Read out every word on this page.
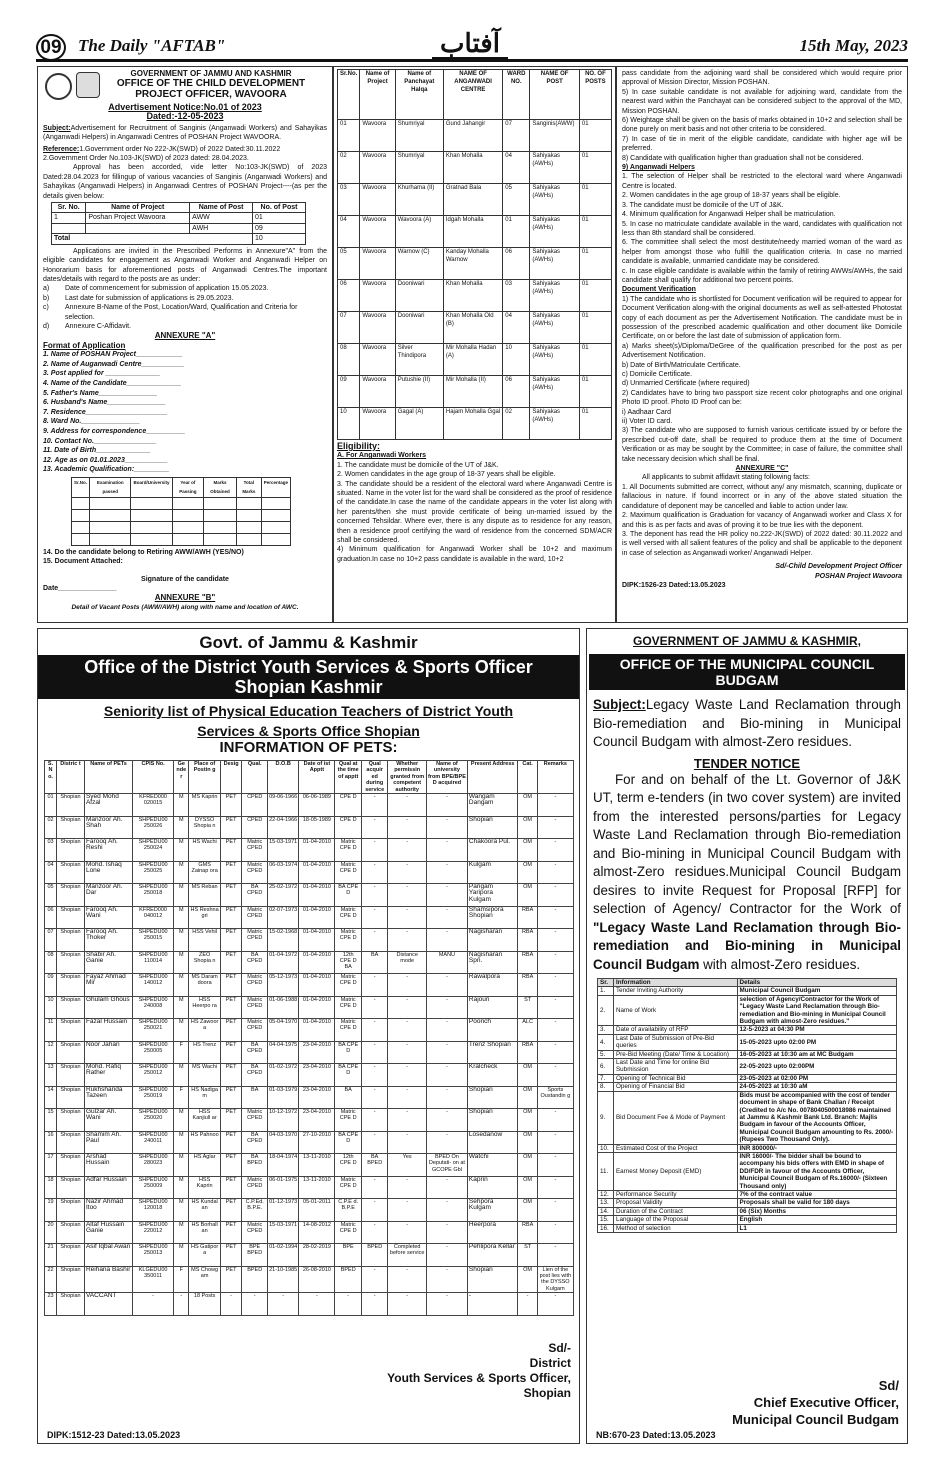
09 The Daily "AFTAB"	آفتاب	15th May, 2023
GOVERNMENT OF JAMMU AND KASHMIR
OFFICE OF THE CHILD DEVELOPMENT PROJECT OFFICER, WAVOORA
Advertisement Notice:No.01 of 2023
Dated:-12-05-2023
Subject:Advertisement for Recruitment of Sanginis (Anganwadi Workers) and Sahayikas (Anganwadi Helpers) in Anganwadi Centres of POSHAN Project WAVOORA.
Reference:1.Government order No 222-JK(SWD) of 2022 Dated:30.11.2022
2.Government Order No.103-JK(SWD) of 2023 dated: 28.04.2023.
Approval has been accorded, vide letter No:103-JK(SWD) of 2023 Dated:28.04.2023 for fillingup of various vacancies of Sanginis (Anganwadi Workers) and Sahayikas (Anganwadi Helpers) in Anganwadi Centres of POSHAN Project----(as per the details given below:
Sr. No.	Name of Project	Name of Post	No. of Post
1	Poshan Project Wavoora	AWW	01
		AWH	09
Total			10
Applications are invited in the Prescribed Performs in Annexure"A" from the eligible candidates for engagement as Anganwadi Worker and Anganwadi Helper on Honorarium basis for aforementioned posts of Anganwadi Centres.The important dates/details with regard to the posts are as under:
a)	Date of commencement for submission of application 15.05.2023.
b)	Last date for submission of applications is 29.05.2023.
c)	Annexure B-Name of the Post, Location/Ward, Qualification and Criteria for selection.
d)	Annexure C-Affidavit.
ANNEXURE "A"
Format of Application
1. Name of POSHAN Project____________
2. Name of Auganwadi Centre___________
3. Post applied for ______________
4. Name of the Candidate______________
5. Father's Name_______________
6. Husband's Name_______________
7. Residence_____________________
8. Ward No._______________
9. Address for correspondence__________
10. Contact No.________________
11. Date of Birth______________
12. Age as on 01.01.2023___________
13. Academic Qualification:_________
Sr.No.	Examination passed	Board/University	Year of Passing	Marks Obtained	Total Marks	Percentage

14. Do the candidate belong to Retiring AWW/AWH (YES/NO)
15. Document Attached:
Signature of the candidate
Date_______________
ANNEXURE "B"
Detail of Vacant Posts (AWW/AWH) along with name and location of AWC.
Sr.No.	Name of Project	Name of Panchayat Halqa	NAME OF ANGANWADI CENTRE	WARD NO.	NAME OF POST	NO. OF POSTS
01	Wavoora	Shumriyal	Gund Jahangir	07	Sanginis(AWW)	01
02	Wavoora	Shumriyal	Khan Mohalla	04	Sahiyakas (AWHs)	01
03	Wavoora	Khurhama (II)	Gratnad Bala	05	Sahiyakas (AWHs)	01
04	Wavoora	Wavoora (A)	Idgah Mohalla	01	Sahiyakas (AWHs)	01
05	Wavoora	Warnow (C)	Kanday Mohalla Warnow	06	Sahiyakas (AWHs)	01
06	Wavoora	Dooniwari	Khan Mohalla	03	Sahiyakas (AWHs)	01
07	Wavoora	Dooniwari	Khan Mohalla Old (B)	04	Sahiyakas (AWHs)	01
08	Wavoora	Silver Thindipora	Mir Mohalla Hadan (A)	10	Sahiyakas (AWHs)	01
09	Wavoora	Putushie (II)	Mir Mohalla (II)	06	Sahiyakas (AWHs)	01
10	Wavoora	Gagal (A)	Hajam Mohalla Ggal	02	Sahiyakas (AWHs)	01
Eligibility:
A. For Anganwadi Workers
1. The candidate must be domicile of the UT of J&K.
2. Women candidates in the age group of 18-37 years shall be eligible.
3. The candidate should be a resident of the electoral ward where Anganwadi Centre is situated. Name in the voter list for the ward shall be considered as the proof of residence of the candidate.In case the name of the candidate appears in the voter list along with her parents/then she must provide certificate of being un-married issued by the concerned Tehsildar. Where ever, there is any dispute as to residence for any reason, then a residence proof certifying the ward of residence from the concerned SDM/ACR shall be considered.
4) Minimum qualification for Anganwadi Worker shall be 10+2 and maximum graduation.In case no 10+2 pass candidate is available in the ward, 10+2
pass candidate from the adjoining ward shall be considered which would require prior approval of Mission Director, Mission POSHAN.
5) In case suitable candidate is not available for adjoining ward, candidate from the nearest ward within the Panchayat can be considered subject to the approval of the MD, Mission POSHAN.
6) Weightage shall be given on the basis of marks obtained in 10+2 and selection shall be done purely on merit basis and not other criteria to be considered.
7) In case of tie in merit of the eligible candidate, candidate with higher age will be preferred.
8) Candidate with qualification higher than graduation shall not be considered.
9) Anganwadi Helpers
1. The selection of Helper shall be restricted to the electoral ward where Anganwadi Centre is located.
2. Women candidates in the age group of 18-37 years shall be eligible.
3. The candidate must be domicile of the UT of J&K.
4. Minimum qualification for Anganwadi Helper shall be matriculation.
5. In case no matriculate candidate available in the ward, candidates with qualification not less than 8th standard shall be considered.
6. The committee shall select the most destitute/needy married woman of the ward as helper from amongst those who fulfill the qualification criteria. In case no married candidate is available, unmarried candidate may be considered.
c. In case eligible candidate is available within the family of retiring AWWs/AWHs, the said candidate shall qualify for additional two percent points.
Document Verification
1) The candidate who is shortlisted for Document verification will be required to appear for Document Verification along-with the original documents as well as self-attested Photostat copy of each document as per the Advertisement Notification. The candidate must be in possession of the prescribed academic qualification and other document like Domicile Certificate, on or before the last date of submission of application form.
a) Marks sheet(s)/Diploma/DeGree of the qualification prescribed for the post as per Advertisement Notification.
b) Date of Birth/Matriculate Certificate.
c) Domicile Certificate.
d) Unmarried Certificate (where required)
2) Candidates have to bring two passport size recent color photographs and one original Photo ID proof. Photo ID Proof can be:
i) Aadhaar Card
ii) Voter ID card.
3) The candidate who are supposed to furnish various certificate issued by or before the prescribed cut-off date, shall be required to produce them at the time of Document Verification or as may be sought by the Committee; in case of failure, the committee shall take necessary decision which shall be final.
ANNEXURE "C"
All applicants to submit affidavit stating following facts:
1. All Documents submitted are correct, without any/ any mismatch, scanning, duplicate or fallacious in nature. If found incorrect or in any of the above stated situation the candidature of deponent may be cancelled and liable to action under law.
2. Maximum qualification is Graduation for vacancy of Anganwadi worker and Class X for and this is as per facts and avas of proving it to be true lies with the deponent.
3. The deponent has read the HR policy no.222-JK(SWD) of 2022 dated: 30.11.2022 and is well versed with all salient features of the policy and shall be applicable to the deponent in case of selection as Anganwadi worker/ Anganwadi Helper.
Sd/-Child Development Project Officer
POSHAN Project Wavoora
DIPK:1526-23 Dated:13.05.2023
Govt. of Jammu & Kashmir
Office of the District Youth Services & Sports Officer
Shopian Kashmir
Seniority list of Physical Education Teachers of District Youth
Services & Sports Office Shopian
INFORMATION OF PETS:
S. N o.	Distric t	Name of PETs	CPIS No.	Ge nde r	Place of Postin g	Desig	Qual.	D.O.B	Date of ist Apptt	Qual at the time of apptt	Qual acquir ed during service	Whether permissin granted from competent authority	Name of university from BPE/BPE D acquired	Present Address	Cat.	Remarks
01	Shopian	Syed Mohd Afzal	KFRED000 020015	M	MS Kaprin	PET	CPED	09-06-1966	06-06-1989	CPE D	-	-	-	Wangam Dangam	OM	-
02	Shopian	Manzoor Ah. Shah	SHPEDU00 250026	M	DYSSO Shopia n	PET	CPED	22-04-1966	18-05-1989	CPE D	-	-	-	Shopian	OM	-
03	Shopian	Farooq Ah. Reshi	SHPEDU00 250024	M	HS Wachi	PET	Matric CPED	15-03-1971	01-04-2010	Matric CPE D	-	-	-	Chakoora Pul.	OM	-
04	Shopian	Mohd. Ishaq Lone	SHPEDU00 250025	M	GMS Zainap ora	PET	Matric CPED	06-03-1974	01-04-2010	Matric CPE D	-	-	-	Kulgam	OM	-
05	Shopian	Manzoor Ah. Dar	SHPEDU00 250018	M	MS Reban	PET	BA CPED	25-02-1972	01-04-2010	BA CPE D	-	-	-	Parigam Yaripora Kulgam	OM	-
06	Shopian	Farooq Ah. Wani	KFRED000 040012	M	HS Reshna gri	PET	Matric CPED	02-07-1973	01-04-2010	Matric CPE D	-	-	-	Shamsipora Shopian	RBA	-
07	Shopian	Farooq Ah. Thoker	SHPEDU00 250015	M	HSS Vehil	PET	Matric CPED	15-02-1968	01-04-2010	Matric CPE D	-	-	-	Nagisharan	RBA	-
08	Shopian	Shabir Ah. Ganie	SHPEDU00 110014	M	ZEO Shopia n	PET	BA CPED	01-04-1972	01-04-2010	12th CPE D BA	BA	Distance mode	MANU	Nagisharan Spn.	RBA	-
09	Shopian	Fayaz Ahmad Mir	SHPEDU00 140012	M	MS Daram doora	PET	Matric CPED	05-12-1973	01-04-2010	Matric CPE D	-	-	-	Rawalpora	RBA	-
10	Shopian	Ghulam Ghous	SHPEDU00 240008	M	HSS Heerpo ra	PET	Matric CPED	01-06-1988	01-04-2010	Matric CPE D	-	-	-	Rajouri	ST	-
11	Shopian	Fazal Hussain	SHPEDU00 250021	M	HS Zawoor a	PET	Matric CPED	05-04-1970	01-04-2010	Matric CPE D	-	-	-	Poonch	ALC	-
12	Shopian	Noor Jahan	SHPEDU00 250005	F	HS Trenz	PET	BA CPED	04-04-1975	23-04-2010	BA CPE D	-	-	-	Trenz Shopian	RBA	-
13	Shopian	Mohd. Rafiq Rather	SHPEDU00 250012	M	MS Wachi	PET	BA CPED	01-02-1972	23-04-2010	BA CPE D	-	-	-	Kralcheck	OM	-
14	Shopian	Rukhshanda Tazeen	SHPEDU00 250019	F	HS Nadiga m	PET	BA	01-03-1979	23-04-2010	BA	-	-	-	Shopian	OM	Sports Oustandin g
15	Shopian	Gulzar Ah. Wani	SHPEDU00 250020	M	HSS Kanjiull ar	PET	Matric CPED	10-12-1972	23-04-2010	Matric CPE D	-	-	-	Shopian	OM	-
16	Shopian	Shamim Ah. Paul	SHPEDU00 240011	M	HS Pahnoo	PET	BA CPED	04-03-1970	27-10-2010	BA CPE D	-	-	-	Losedanow	OM	-
17	Shopian	Arshad Hussain	SHPEDU00 280023	M	HS Aglar	PET	BA BPED	18-04-1974	13-11-2010	12th CPE D	BA BPED	Yes	BPED On Deputati- on at GCOPE Gbl	Watchi	OM	-
18	Shopian	Adfar Hussain	SHPEDU00 250009	M	HSS Kaprin	PET	Matric CPED	06-01-1975	13-11-2010	Matric CPE D	-	-	-	Kaprin	OM	-
19	Shopian	Nazir Ahmad Itoo	SHPEDU00 120018	M	HS Kundal an	PET	C.P.Ed. B.P.E.	01-12-1973	05-01-2011	C.P.E d. B.P.E	-	-	-	Sehpora Kulgam	OM	-
20	Shopian	Altaf Hussain Ganie	SHPEDU00 220012	M	HS Borhall an	PET	Matric CPED	15-03-1971	14-08-2012	Matric CPE D	-	-	-	Heerpora	RBA	-
21	Shopian	Asif Iqbal Awan	SHPEDU00 250013	M	HS Gatipor a	PET	BPE BPED	01-02-1994	28-02-2019	BPE	BPED	Completed before service	-	Pehlipora Kellar	ST	-
22	Shopian	Reihana Bashir	KLGEDU00 350011	F	MS Chowg am	PET	BPED	21-10-1985	26-08-2010	BPED	-	-	-	Shopian	OM	Lien of the post lies with the DYSSO Kulgam
23	Shopian	VACCANT	-	-	18 Posts	-	-	-	-	-	-	-	-	-	-	-
Sd/-
District
Youth Services & Sports Officer,
Shopian
DIPK:1512-23 Dated:13.05.2023
GOVERNMENT OF JAMMU & KASHMIR,
OFFICE OF THE MUNICIPAL COUNCIL BUDGAM
Subject:Legacy Waste Land Reclamation through Bio-remediation and Bio-mining in Municipal Council Budgam with almost-Zero residues.
TENDER NOTICE
For and on behalf of the Lt. Governor of J&K UT, term e-tenders (in two cover system) are invited from the interested persons/parties for Legacy Waste Land Reclamation through Bio-remediation and Bio-mining in Municipal Council Budgam with almost-Zero residues.Municipal Council Budgam desires to invite Request for Proposal [RFP] for selection of Agency/ Contractor for the Work of "Legacy Waste Land Reclamation through Bio-remediation and Bio-mining in Municipal Council Budgam with almost-Zero residues.
Sr.	Information	Details
1.	Tender Inviting Authority	Municipal Council Budgam
2.	Name of Work	selection of Agency/Contractor for the Work of "Legacy Waste Land Reclamation through Bio-remediation and Bio-mining in Municipal Council Budgam with almost-Zero residues."
3.	Date of availability of RFP	12-5-2023 at 04:30 PM
4.	Last Date of Submission of Pre-Bid queries	15-05-2023 upto 02:00 PM
5.	Pre-Bid Meeting (Date/ Time & Location)	16-05-2023 at 10:30 am at MC Budgam
6.	Last Date and Time for online Bid Submission	22-05-2023 upto 02:00PM
7.	Opening of Technical Bid	23-05-2023 at 02:00 PM
8.	Opening of Financial Bid	24-05-2023 at 10:30 aM
9.	Bid Document Fee & Mode of Payment	Bids must be accompanied with the cost of tender document in shape of Bank Challan / Receipt (Credited to A/c No. 0078040500018986 maintained at Jammu & Kashmir Bank Ltd. Branch: Majlis Budgam in favour of the Accounts Officer, Municipal Council Budgam amounting to Rs. 2000/- (Rupees Two Thousand Only).
10.	Estimated Cost of the Project	INR 800000/-
11.	Earnest Money Deposit (EMD)	INR 16000/- The bidder shall be bound to accompany his bids offers with EMD in shape of DD/FDR in favour of the Accounts Officer, Municipal Council Budgam of Rs.16000/- (Sixteen Thousand only)
12.	Performance Security	7% of the contract value
13.	Proposal Validity	Proposals shall be valid for 180 days
14.	Duration of the Contract	06 (Six) Months
15.	Language of the Proposal	English
16.	Method of selection	L1
Sd/
Chief Executive Officer,
Municipal Council Budgam
NB:670-23 Dated:13.05.2023
